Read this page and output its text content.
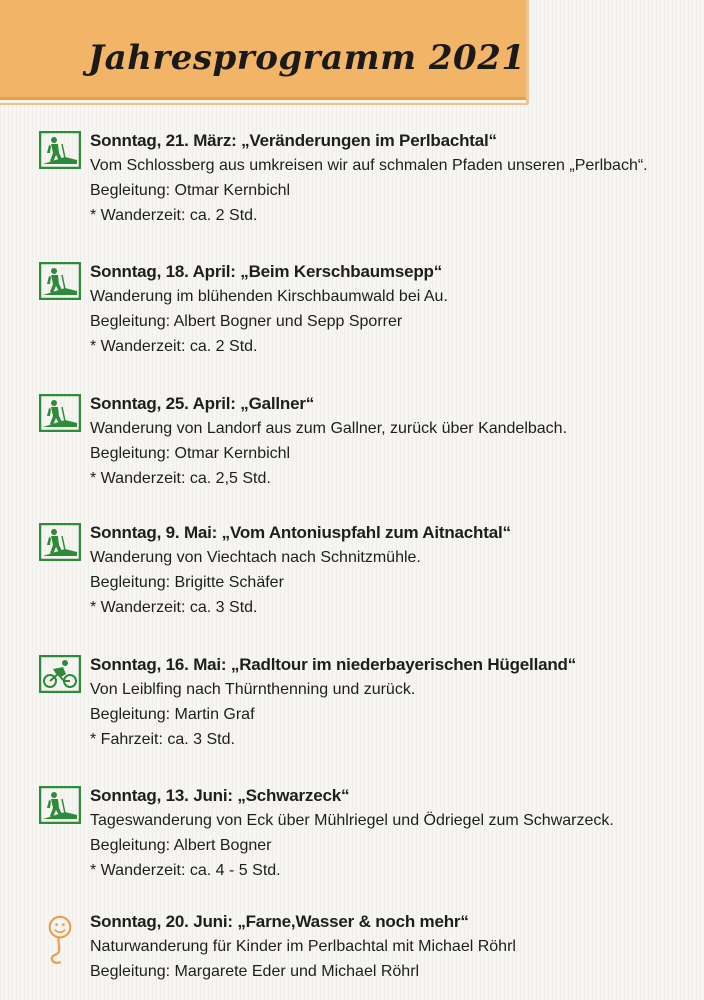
Jahresprogramm 2021
Sonntag, 21. März: „Veränderungen im Perlbachtal“
Vom Schlossberg aus umkreisen wir auf schmalen Pfaden unseren „Perlbach“.
Begleitung: Otmar Kernbichl
* Wanderzeit: ca. 2 Std.
Sonntag, 18. April: „Beim Kerschbaumsepp“
Wanderung im blühenden Kirschbaumwald bei Au.
Begleitung: Albert Bogner und Sepp Sporrer
* Wanderzeit: ca. 2 Std.
Sonntag, 25. April: „Gallner“
Wanderung von Landorf aus zum Gallner, zurück über Kandelbach.
Begleitung: Otmar Kernbichl
* Wanderzeit: ca. 2,5 Std.
Sonntag, 9. Mai: „Vom Antoniuspfahl zum Aitnachtal“
Wanderung von Viechtach nach Schnitzmühle.
Begleitung: Brigitte Schäfer
* Wanderzeit: ca. 3 Std.
Sonntag, 16. Mai: „Radltour im niederbayerischen Hügelland“
Von Leiblfing nach Thürnthenning und zurück.
Begleitung: Martin Graf
* Fahrzeit: ca. 3 Std.
Sonntag, 13. Juni: „Schwarzeck“
Tageswanderung von Eck über Mühlriegel und Ödriegel zum Schwarzeck.
Begleitung: Albert Bogner
* Wanderzeit: ca. 4 - 5 Std.
Sonntag, 20. Juni: „Farne,Wasser & noch mehr“
Naturwanderung für Kinder im Perlbachtal mit Michael Röhrl
Begleitung: Margarete Eder und Michael Röhrl
